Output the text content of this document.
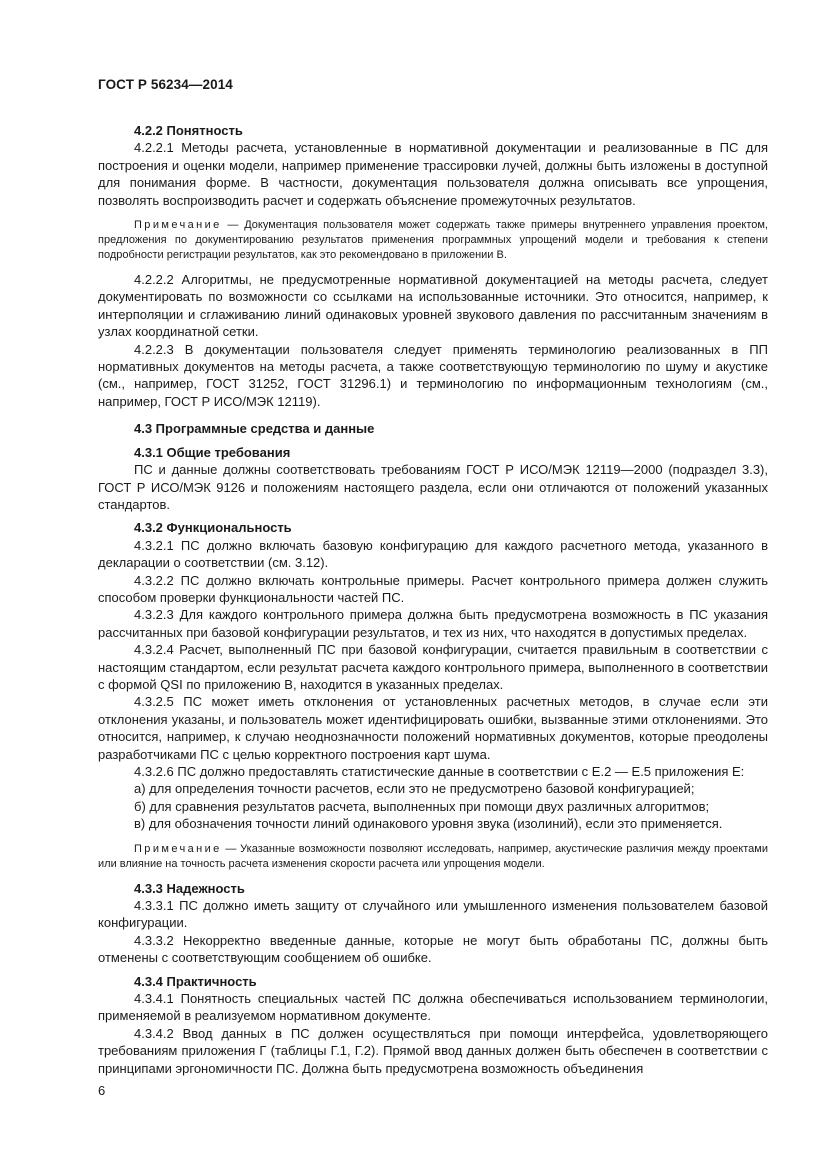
ГОСТ Р 56234—2014
4.2.2 Понятность

4.2.2.1 Методы расчета, установленные в нормативной документации и реализованные в ПС для построения и оценки модели, например применение трассировки лучей, должны быть изложены в доступной для понимания форме. В частности, документация пользователя должна описывать все упрощения, позволять воспроизводить расчет и содержать объяснение промежуточных результатов.

Примечание — Документация пользователя может содержать также примеры внутреннего управления проектом, предложения по документированию результатов применения программных упрощений модели и требования к степени подробности регистрации результатов, как это рекомендовано в приложении В.

4.2.2.2 Алгоритмы, не предусмотренные нормативной документацией на методы расчета, следует документировать по возможности со ссылками на использованные источники. Это относится, например, к интерполяции и сглаживанию линий одинаковых уровней звукового давления по рассчитанным значениям в узлах координатной сетки.

4.2.2.3 В документации пользователя следует применять терминологию реализованных в ПП нормативных документов на методы расчета, а также соответствующую терминологию по шуму и акустике (см., например, ГОСТ 31252, ГОСТ 31296.1) и терминологию по информационным технологиям (см., например, ГОСТ Р ИСО/МЭК 12119).

4.3 Программные средства и данные
4.3.1 Общие требования

ПС и данные должны соответствовать требованиям ГОСТ Р ИСО/МЭК 12119—2000 (подраздел 3.3), ГОСТ Р ИСО/МЭК 9126 и положениям настоящего раздела, если они отличаются от положений указанных стандартов.

4.3.2 Функциональность

4.3.2.1 ПС должно включать базовую конфигурацию для каждого расчетного метода, указанного в декларации о соответствии (см. 3.12).

4.3.2.2 ПС должно включать контрольные примеры. Расчет контрольного примера должен служить способом проверки функциональности частей ПС.

4.3.2.3 Для каждого контрольного примера должна быть предусмотрена возможность в ПС указания рассчитанных при базовой конфигурации результатов, и тех из них, что находятся в допустимых пределах.

4.3.2.4 Расчет, выполненный ПС при базовой конфигурации, считается правильным в соответствии с настоящим стандартом, если результат расчета каждого контрольного примера, выполненного в соответствии с формой QSI по приложению В, находится в указанных пределах.

4.3.2.5 ПС может иметь отклонения от установленных расчетных методов, в случае если эти отклонения указаны, и пользователь может идентифицировать ошибки, вызванные этими отклонениями. Это относится, например, к случаю неоднозначности положений нормативных документов, которые преодолены разработчиками ПС с целью корректного построения карт шума.

4.3.2.6 ПС должно предоставлять статистические данные в соответствии с Е.2 — Е.5 приложения Е:

а) для определения точности расчетов, если это не предусмотрено базовой конфигурацией;

б) для сравнения результатов расчета, выполненных при помощи двух различных алгоритмов;

в) для обозначения точности линий одинакового уровня звука (изолиний), если это применяется.

Примечание — Указанные возможности позволяют исследовать, например, акустические различия между проектами или влияние на точность расчета изменения скорости расчета или упрощения модели.

4.3.3 Надежность

4.3.3.1 ПС должно иметь защиту от случайного или умышленного изменения пользователем базовой конфигурации.

4.3.3.2 Некорректно введенные данные, которые не могут быть обработаны ПС, должны быть отменены с соответствующим сообщением об ошибке.

4.3.4 Практичность

4.3.4.1 Понятность специальных частей ПС должна обеспечиваться использованием терминологии, применяемой в реализуемом нормативном документе.

4.3.4.2 Ввод данных в ПС должен осуществляться при помощи интерфейса, удовлетворяющего требованиям приложения Г (таблицы Г.1, Г.2). Прямой ввод данных должен быть обеспечен в соответствии с принципами эргономичности ПС. Должна быть предусмотрена возможность объединения

6
